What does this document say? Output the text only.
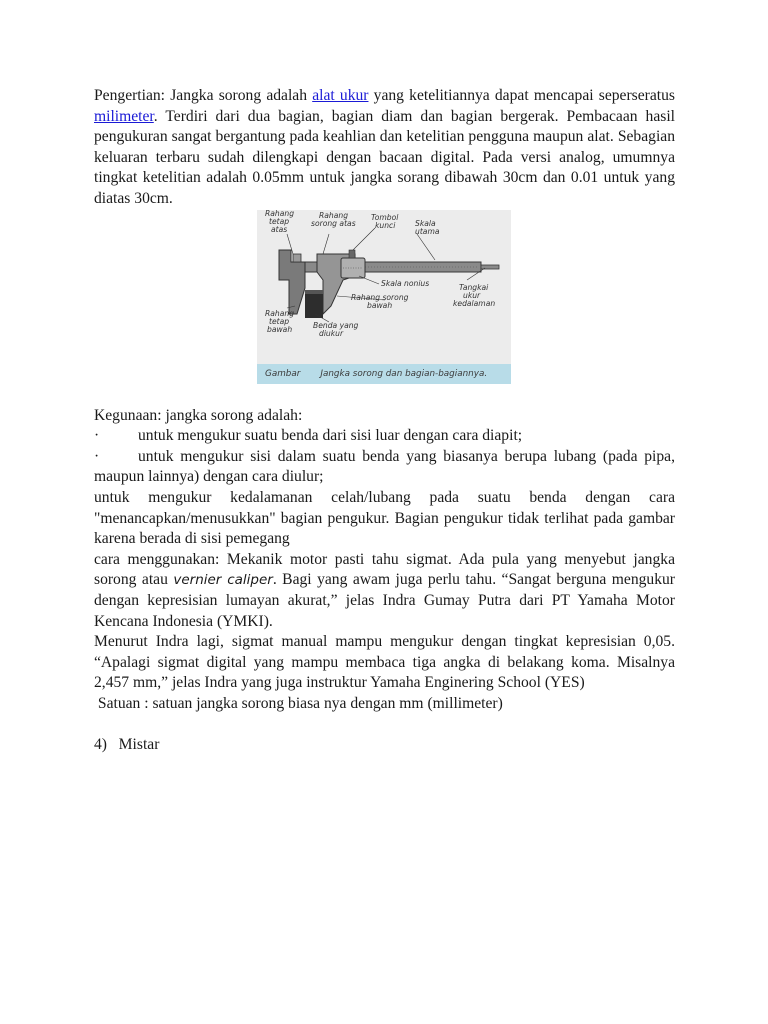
Pengertian: Jangka sorong adalah alat ukur yang ketelitiannya dapat mencapai seperseratus milimeter. Terdiri dari dua bagian, bagian diam dan bagian bergerak. Pembacaan hasil pengukuran sangat bergantung pada keahlian dan ketelitian pengguna maupun alat. Sebagian keluaran terbaru sudah dilengkapi dengan bacaan digital. Pada versi analog, umumnya tingkat ketelitian adalah 0.05mm untuk jangka sorang dibawah 30cm dan 0.01 untuk yang diatas 30cm.

Rahang tetap atas
Rahang sorong atas
Tombol kunci	Skala utama
Skala nonius	Tangkai ukur kedalaman
Rahang sorong bawah
Rahang tetap bawah	Benda yang diukur
Gambar Jangka sorong dan bagian-bagiannya.

Kegunaan: jangka sorong adalah:

·	untuk mengukur suatu benda dari sisi luar dengan cara diapit;

·	untuk mengukur sisi dalam suatu benda yang biasanya berupa lubang (pada pipa, maupun lainnya) dengan cara diulur;

untuk mengukur kedalamanan celah/lubang pada suatu benda dengan cara "menancapkan/menusukkan" bagian pengukur. Bagian pengukur tidak terlihat pada gambar karena berada di sisi pemegang

cara menggunakan: Mekanik motor pasti tahu sigmat. Ada pula yang menyebut jangka sorong atau vernier caliper. Bagi yang awam juga perlu tahu. “Sangat berguna mengukur dengan kepresisian lumayan akurat,” jelas Indra Gumay Putra dari PT Yamaha Motor Kencana Indonesia (YMKI).

Menurut Indra lagi, sigmat manual mampu mengukur dengan tingkat kepresisian 0,05. “Apalagi sigmat digital yang mampu membaca tiga angka di belakang koma. Misalnya 2,457 mm,” jelas Indra yang juga instruktur Yamaha Enginering School (YES)

Satuan : satuan jangka sorong biasa nya dengan mm (millimeter)

4)   Mistar
